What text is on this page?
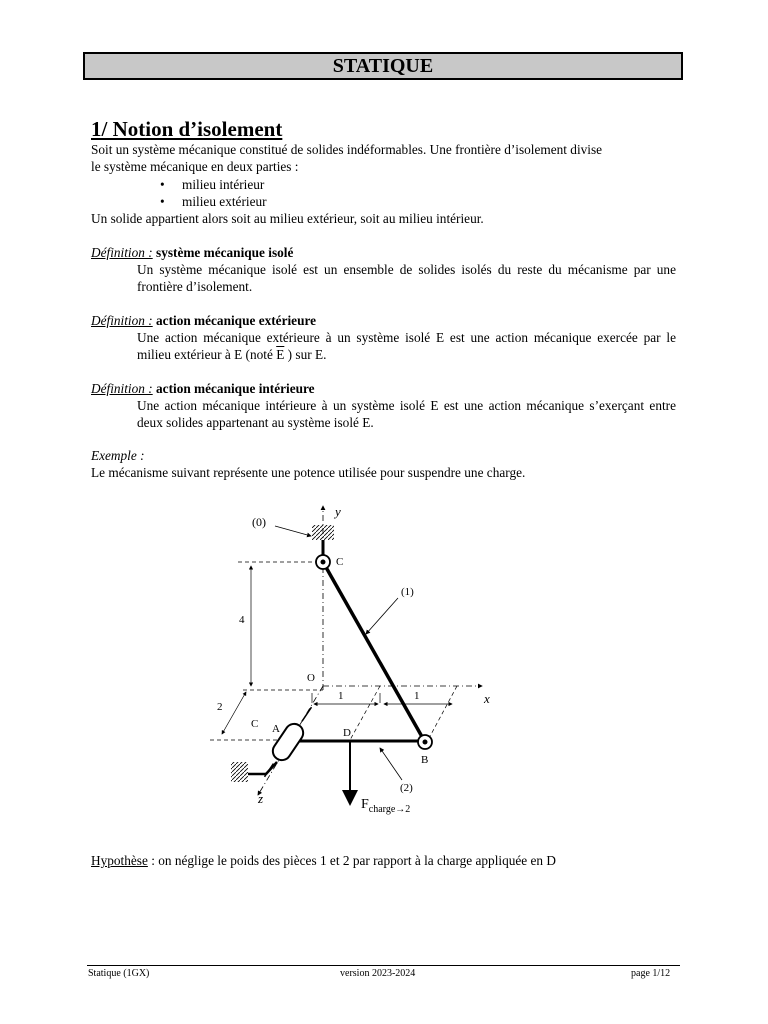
STATIQUE
1/ Notion d’isolement
Soit un système mécanique constitué de solides indéformables. Une frontière d’isolement divise
le système mécanique en deux parties :
• milieu intérieur
• milieu extérieur
Un solide appartient alors soit au milieu extérieur, soit au milieu intérieur.
Définition : système mécanique isolé
Un système mécanique isolé est un ensemble de solides isolés du reste du mécanisme par une frontière d’isolement.
Définition : action mécanique extérieure
Une action mécanique extérieure à un système isolé E est une action mécanique exercée par le milieu extérieur à E (noté $\overline{E}$ ) sur E.
Définition : action mécanique intérieure
Une action mécanique intérieure à un système isolé E est une action mécanique s’exerçant entre deux solides appartenant au système isolé E.
Exemple :
Le mécanisme suivant représente une potence utilisée pour suspendre une charge.
(0)
y
C
(1)
4
O
1	1	x
2
C A	D
B
(2)
z	$F_{charge\to 2}$
Hypothèse : on néglige le poids des pièces 1 et 2 par rapport à la charge appliquée en D
Statique (1GX)	version 2023-2024	page 1/12
